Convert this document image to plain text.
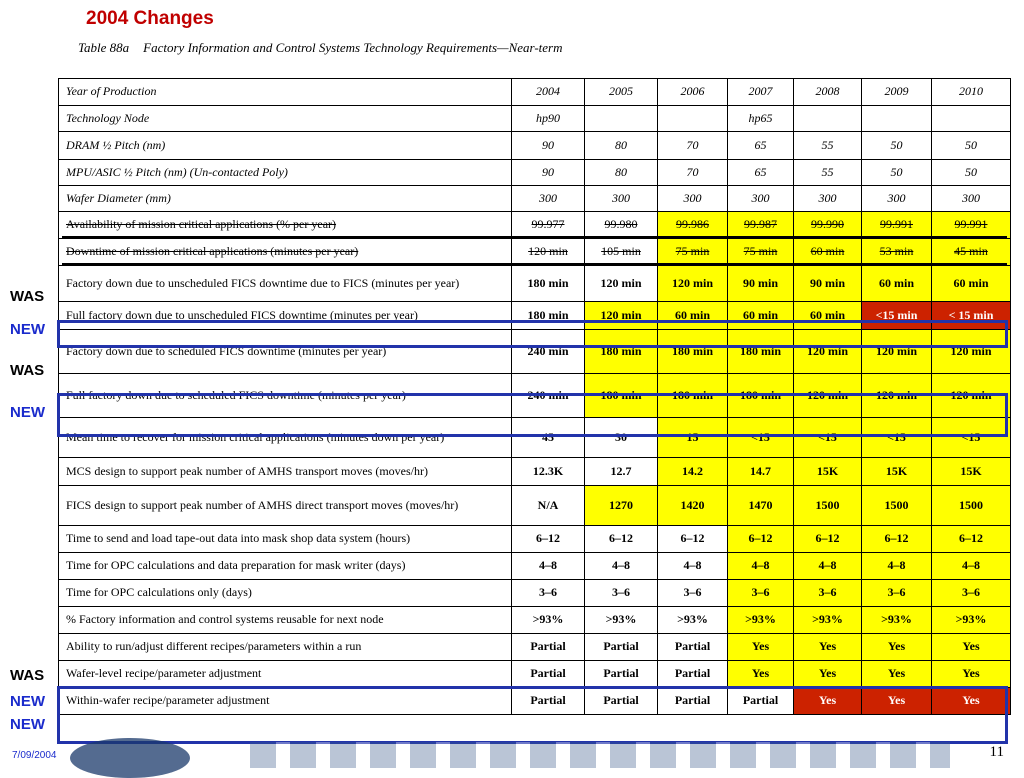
2004 Changes
Table 88a Factory Information and Control Systems Technology Requirements—Near-term
Year of Production	2004	2005	2006	2007	2008	2009	2010
Technology Node	hp90			hp65			
DRAM ½ Pitch (nm)	90	80	70	65	55	50	50
MPU/ASIC ½ Pitch (nm) (Un-contacted Poly)	90	80	70	65	55	50	50
Wafer Diameter (mm)	300	300	300	300	300	300	300
Availability of mission critical applications (% per year)	99.977	99.980	99.986	99.987	99.990	99.991	99.991
Downtime of mission critical applications (minutes per year)	120 min	105 min	75 min	75 min	60 min	53 min	45 min
Factory down due to unscheduled FICS downtime due to FICS (minutes per year)	180 min	120 min	120 min	90 min	90 min	60 min	60 min
Full factory down due to unscheduled FICS downtime (minutes per year)	180 min	120 min	60 min	60 min	60 min	<15 min	< 15 min
Factory down due to scheduled FICS downtime (minutes per year)	240 min	180 min	180 min	180 min	120 min	120 min	120 min
Full factory down due to scheduled FICS downtime (minutes per year)	240 min	180 min	180 min	180 min	120 min	120 min	120 min
Mean time to recover for mission critical applications (minutes down per year)	45	30	15	<15	<15	<15	<15
MCS design to support peak number of AMHS transport moves (moves/hr)	12.3K	12.7	14.2	14.7	15K	15K	15K
FICS design to support peak number of AMHS direct transport moves (moves/hr)	N/A	1270	1420	1470	1500	1500	1500
Time to send and load tape-out data into mask shop data system (hours)	6–12	6–12	6–12	6–12	6–12	6–12	6–12
Time for OPC calculations and data preparation for mask writer (days)	4–8	4–8	4–8	4–8	4–8	4–8	4–8
Time for OPC calculations only (days)	3–6	3–6	3–6	3–6	3–6	3–6	3–6
% Factory information and control systems reusable for next node	>93%	>93%	>93%	>93%	>93%	>93%	>93%
Ability to run/adjust different recipes/parameters within a run	Partial	Partial	Partial	Yes	Yes	Yes	Yes
Wafer-level recipe/parameter adjustment	Partial	Partial	Partial	Yes	Yes	Yes	Yes
Within-wafer recipe/parameter adjustment	Partial	Partial	Partial	Partial	Yes	Yes	Yes
WAS
NEW
WAS
NEW
WAS
NEW
NEW
7/09/2004	11
